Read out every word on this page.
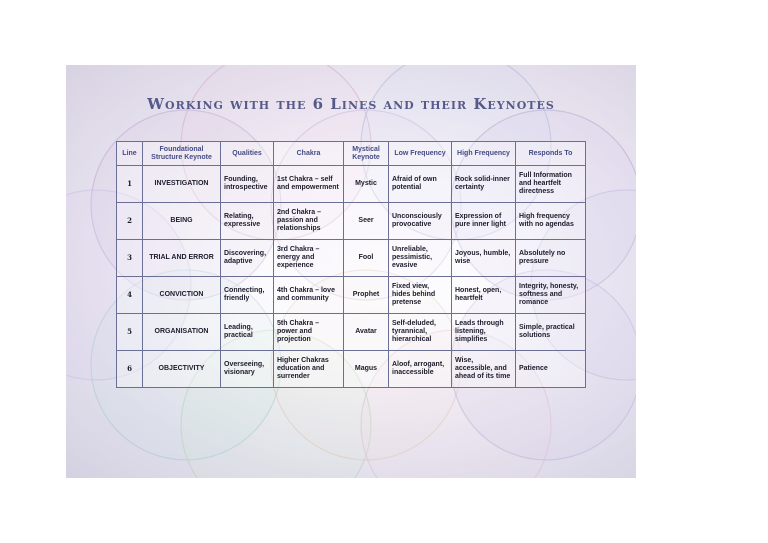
Working with the 6 Lines and their Keynotes
Line	Foundational Structure Keynote	Qualities	Chakra	Mystical Keynote	Low Frequency	High Frequency	Responds To
1	INVESTIGATION	Founding, introspective	1st Chakra – self and empowerment	Mystic	Afraid of own potential	Rock solid-inner certainty	Full Information and heartfelt directness
2	BEING	Relating, expressive	2nd Chakra – passion and relationships	Seer	Unconsciously provocative	Expression of pure inner light	High frequency with no agendas
3	TRIAL AND ERROR	Discovering, adaptive	3rd Chakra – energy and experience	Fool	Unreliable, pessimistic, evasive	Joyous, humble, wise	Absolutely no pressure
4	CONVICTION	Connecting, friendly	4th Chakra – love and community	Prophet	Fixed view, hides behind pretense	Honest, open, heartfelt	Integrity, honesty, softness and romance
5	ORGANISATION	Leading, practical	5th Chakra – power and projection	Avatar	Self-deluded, tyrannical, hierarchical	Leads through listening, simplifies	Simple, practical solutions
6	OBJECTIVITY	Overseeing, visionary	Higher Chakras education and surrender	Magus	Aloof, arrogant, inaccessible	Wise, accessible, and ahead of its time	Patience
